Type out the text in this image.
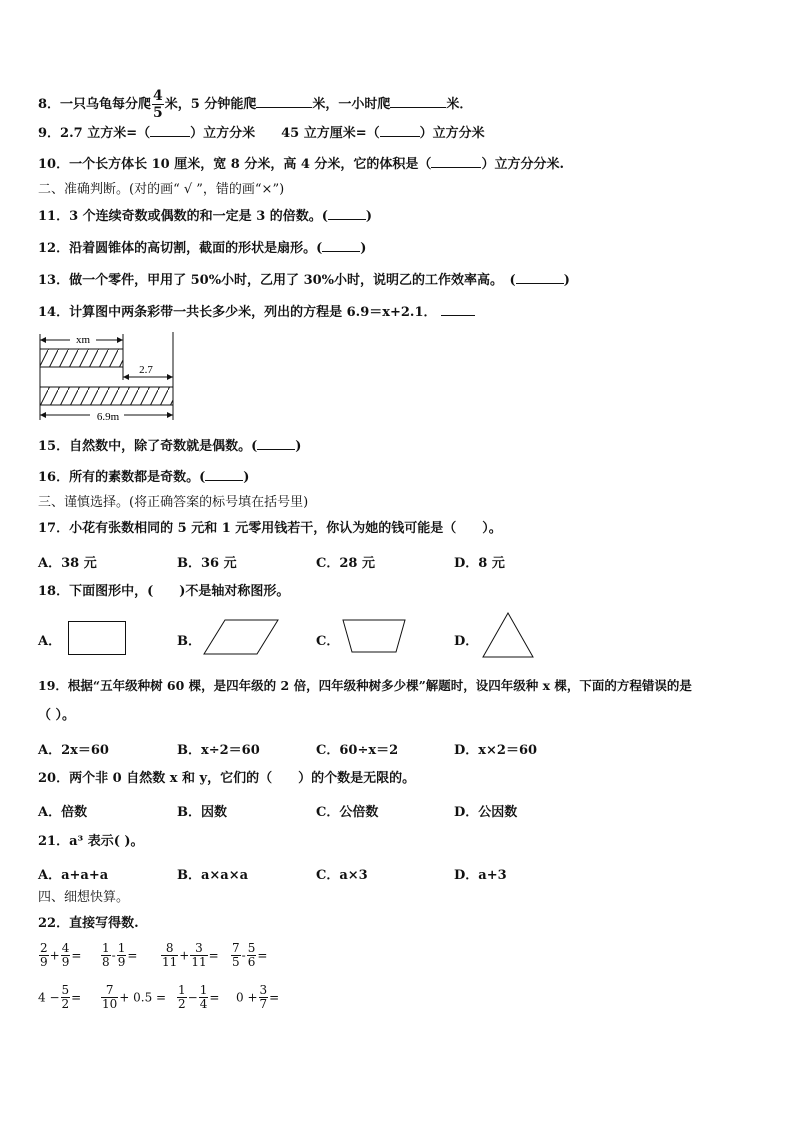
8．一只乌龟每分爬 $\frac{4}{5}$ 米，5 分钟能爬	米，一小时爬	米．
9．2.7 立方米=（	）立方分米 45 立方厘米=（	）立方分米
10．一个长方体长 10 厘米，宽 8 分米，高 4 分米，它的体积是（	）立方分分米.
二、准确判断。(对的画“ √ ”，错的画“×”)
11．3 个连续奇数或偶数的和一定是 3 的倍数。(	)
12．沿着圆锥体的高切割，截面的形状是扇形。(	)
13．做一个零件，甲用了 50%小时，乙用了 30%小时，说明乙的工作效率高。　(	)
14．计算图中两条彩带一共长多少米，列出的方程是 6.9＝x+2.1．
xm
2.7
6.9m
15．自然数中，除了奇数就是偶数。(	)
16．所有的素数都是奇数。(	)
三、谨慎选择。(将正确答案的标号填在括号里)
17．小花有张数相同的 5 元和 1 元零用钱若干，你认为她的钱可能是（　　）。
A．38 元	B．36 元	C．28 元	D．8 元
18．下面图形中，(　　)不是轴对称图形。
A．	B．	C．	D．
19．根据“五年级种树 60 棵，是四年级的 2 倍，四年级种树多少棵”解题时，设四年级种 x 棵，下面的方程错误的是
（ ）。
A．2x＝60	B．x÷2＝60	C．60÷x＝2	D．x×2＝60
20．两个非 0 自然数 x 和 y，它们的（　　）的个数是无限的。
A．倍数	B．因数	C．公倍数	D．公因数
21．a³ 表示( )。
A．a+a+a	B．a×a×a	C．a×3	D．a+3
四、细想快算。
22．直接写得数.
$\frac{2}{9} + \frac{4}{9} = \frac{1}{8} - \frac{1}{9} = \frac{8}{11} + \frac{3}{11} = \frac{7}{5} - \frac{5}{6}$ =
$4 - \frac{5}{2} = \frac{7}{10} + 0.5 = \frac{1}{2} - \frac{1}{4} = 0 + \frac{3}{7}$ =
